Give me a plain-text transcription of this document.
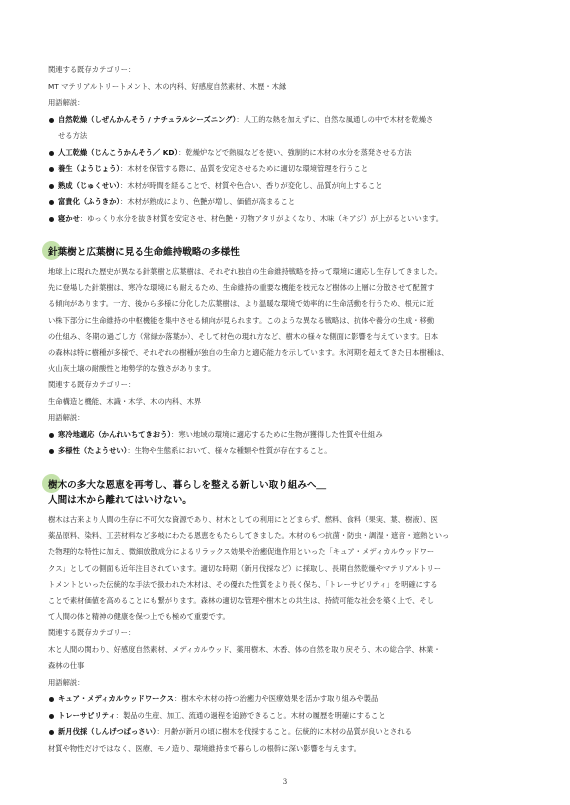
関連する既存カテゴリー：
MT マテリアルトリートメント、木の内科、好感度自然素材、木歴・木縁
用語解説：
自然乾燥（しぜんかんそう / ナチュラルシーズニング）：人工的な熱を加えずに、自然な風通しの中で木材を乾燥さ
せる方法
人工乾燥（じんこうかんそう／ KD）：乾燥炉などで熱風などを使い、強制的に木材の水分を蒸発させる方法
養生（ようじょう）：木材を保管する際に、品質を安定させるために適切な環境管理を行うこと
熟成（じゅくせい）：木材が時間を経ることで、材質や色合い、香りが変化し、品質が向上すること
富貴化（ふうきか）：木材が熟成により、色艶が増し、価値が高まること
寝かせ：ゆっくり水分を抜き材質を安定させ、材色艶・刃物アタリがよくなり、木味（キアジ）が上がるといいます。
針葉樹と広葉樹に見る生命維持戦略の多様性
地球上に現れた歴史が異なる針葉樹と広葉樹は、それぞれ独自の生命維持戦略を持って環境に適応し生存してきました。
先に登場した針葉樹は、寒冷な環境にも耐えるため、生命維持の重要な機能を枝元など樹体の上層に分散させて配置す
る傾向があります。一方、後から多様に分化した広葉樹は、より温暖な環境で効率的に生命活動を行うため、根元に近
い株下部分に生命維持の中枢機能を集中させる傾向が見られます。このような異なる戦略は、抗体や養分の生成・移動
の仕組み、冬期の過ごし方（常緑か落葉か）、そして材色の現れ方など、樹木の様々な側面に影響を与えています。日本
の森林は特に樹種が多様で、それぞれの樹種が独自の生命力と適応能力を示しています。氷河期を超えてきた日本樹種は、
火山灰土壌の耐酸性と地勢学的な強さがあります。
関連する既存カテゴリー：
生命構造と機能、木識・木学、木の内科、木界
用語解説：
寒冷地適応（かんれいちてきおう）：寒い地域の環境に適応するために生物が獲得した性質や仕組み
多様性（たようせい）：生物や生態系において、様々な種類や性質が存在すること。
樹木の多大な恩恵を再考し、暮らしを整える新しい取り組みへ＿
人間は木から離れてはいけない。
樹木は古来より人間の生存に不可欠な資源であり、材木としての利用にとどまらず、燃料、食料（果実、葉、樹液）、医
薬品原料、染料、工芸材料など多岐にわたる恩恵をもたらしてきました。木材のもつ抗菌・防虫・調湿・遮音・遮熱といっ
た物理的な特性に加え、微細放散成分によるリラックス効果や治癒促進作用といった「キュア・メディカルウッドワー
クス」としての側面も近年注目されています。適切な時期（新月伐採など）に採取し、長期自然乾燥やマテリアルトリー
トメントといった伝統的な手法で扱われた木材は、その優れた性質をより長く保ち、「トレーサビリティ」を明確にする
ことで素材価値を高めることにも繋がります。森林の適切な管理や樹木との共生は、持続可能な社会を築く上で、そし
て人間の体と精神の健康を保つ上でも極めて重要です。
関連する既存カテゴリー：
木と人間の関わり、好感度自然素材、メディカルウッド、薬用樹木、木香、体の自然を取り戻そう、木の総合学、林業・
森林の仕事
用語解説：
キュア・メディカルウッドワークス：樹木や木材の持つ治癒力や医療効果を活かす取り組みや製品
トレーサビリティ：製品の生産、加工、流通の過程を追跡できること。木材の履歴を明確にすること
新月伐採（しんげつばっさい）：月齢が新月の頃に樹木を伐採すること。伝統的に木材の品質が良いとされる
材質や物性だけではなく、医療、モノ造り、環境維持まで暮らしの根幹に深い影響を与えます。
3
